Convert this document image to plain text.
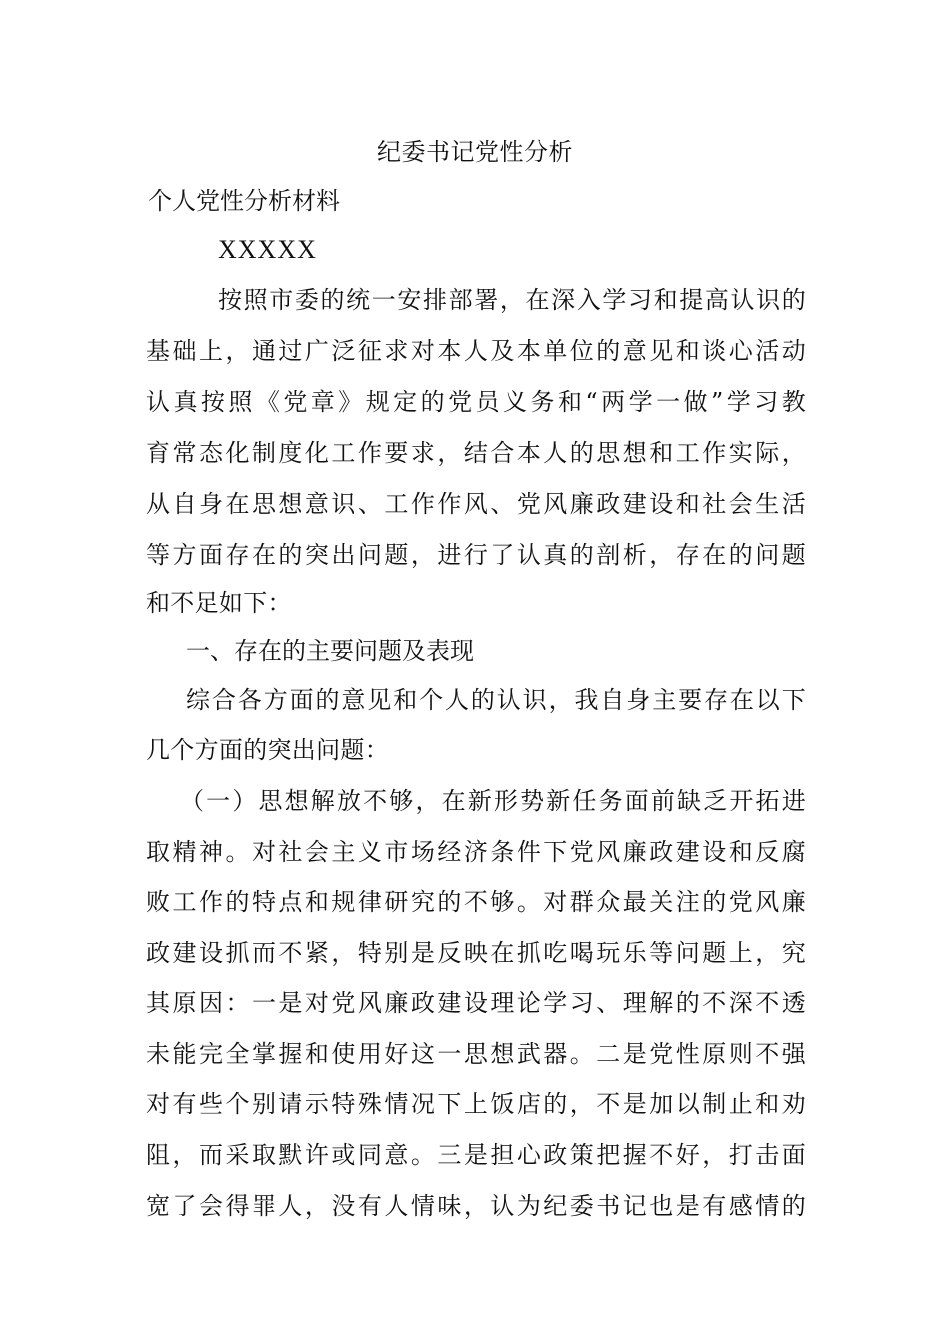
纪委书记党性分析
个人党性分析材料
XXXXX
按照市委的统一安排部署，在深入学习和提高认识的
基础上，通过广泛征求对本人及本单位的意见和谈心活动
认真按照《党章》规定的党员义务和“两学一做”学习教
育常态化制度化工作要求，结合本人的思想和工作实际，
从自身在思想意识、工作作风、党风廉政建设和社会生活
等方面存在的突出问题，进行了认真的剖析，存在的问题
和不足如下：
一、存在的主要问题及表现
综合各方面的意见和个人的认识，我自身主要存在以下
几个方面的突出问题：
（一）思想解放不够，在新形势新任务面前缺乏开拓进
取精神。对社会主义市场经济条件下党风廉政建设和反腐
败工作的特点和规律研究的不够。对群众最关注的党风廉
政建设抓而不紧，特别是反映在抓吃喝玩乐等问题上，究
其原因：一是对党风廉政建设理论学习、理解的不深不透
未能完全掌握和使用好这一思想武器。二是党性原则不强
对有些个别请示特殊情况下上饭店的，不是加以制止和劝
阻，而采取默许或同意。三是担心政策把握不好，打击面
宽了会得罪人，没有人情味，认为纪委书记也是有感情的
